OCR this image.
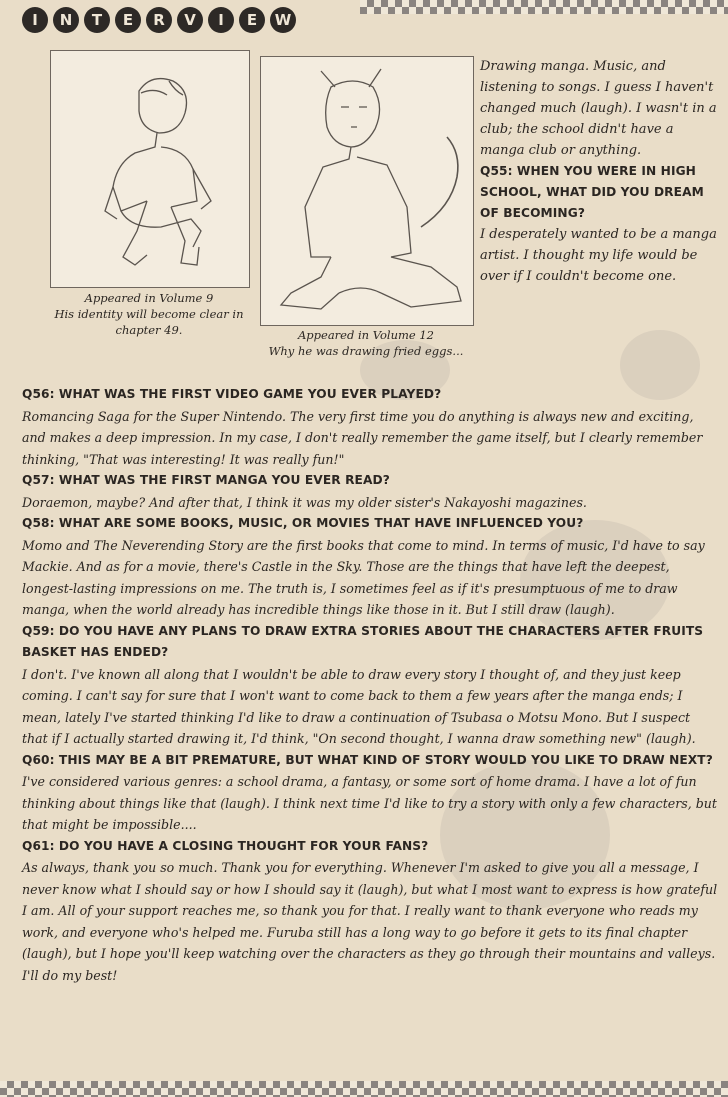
I	N	T	E	R	V	I	E	W
Appeared in Volume 9
His identity will become clear in
chapter 49.	Appeared in Volume 12
Why he was drawing fried eggs...
Drawing manga. Music, and listening to songs. I guess I haven't changed much (laugh). I wasn't in a club; the school didn't have a manga club or anything.
Q55: WHEN YOU WERE IN HIGH SCHOOL, WHAT DID YOU DREAM OF BECOMING?
I desperately wanted to be a manga artist. I thought my life would be over if I couldn't become one.

Q56: WHAT WAS THE FIRST VIDEO GAME YOU EVER PLAYED?

Romancing Saga for the Super Nintendo. The very first time you do anything is always new and exciting, and makes a deep impression. In my case, I don't really remember the game itself, but I clearly remember thinking, "That was interesting! It was really fun!"

Q57: WHAT WAS THE FIRST MANGA YOU EVER READ?

Doraemon, maybe? And after that, I think it was my older sister's Nakayoshi magazines.

Q58: WHAT ARE SOME BOOKS, MUSIC, OR MOVIES THAT HAVE INFLUENCED YOU?

Momo and The Neverending Story are the first books that come to mind. In terms of music, I'd have to say Mackie. And as for a movie, there's Castle in the Sky. Those are the things that have left the deepest, longest-lasting impressions on me. The truth is, I sometimes feel as if it's presumptuous of me to draw manga, when the world already has incredible things like those in it. But I still draw (laugh).

Q59: DO YOU HAVE ANY PLANS TO DRAW EXTRA STORIES ABOUT THE CHARACTERS AFTER FRUITS BASKET HAS ENDED?

I don't. I've known all along that I wouldn't be able to draw every story I thought of, and they just keep coming. I can't say for sure that I won't want to come back to them a few years after the manga ends; I mean, lately I've started thinking I'd like to draw a continuation of Tsubasa o Motsu Mono. But I suspect that if I actually started drawing it, I'd think, "On second thought, I wanna draw something new" (laugh).

Q60: THIS MAY BE A BIT PREMATURE, BUT WHAT KIND OF STORY WOULD YOU LIKE TO DRAW NEXT?

I've considered various genres: a school drama, a fantasy, or some sort of home drama. I have a lot of fun thinking about things like that (laugh). I think next time I'd like to try a story with only a few characters, but that might be impossible....

Q61: DO YOU HAVE A CLOSING THOUGHT FOR YOUR FANS?

As always, thank you so much. Thank you for everything. Whenever I'm asked to give you all a message, I never know what I should say or how I should say it (laugh), but what I most want to express is how grateful I am. All of your support reaches me, so thank you for that. I really want to thank everyone who reads my work, and everyone who's helped me. Furuba still has a long way to go before it gets to its final chapter (laugh), but I hope you'll keep watching over the characters as they go through their mountains and valleys. I'll do my best!
